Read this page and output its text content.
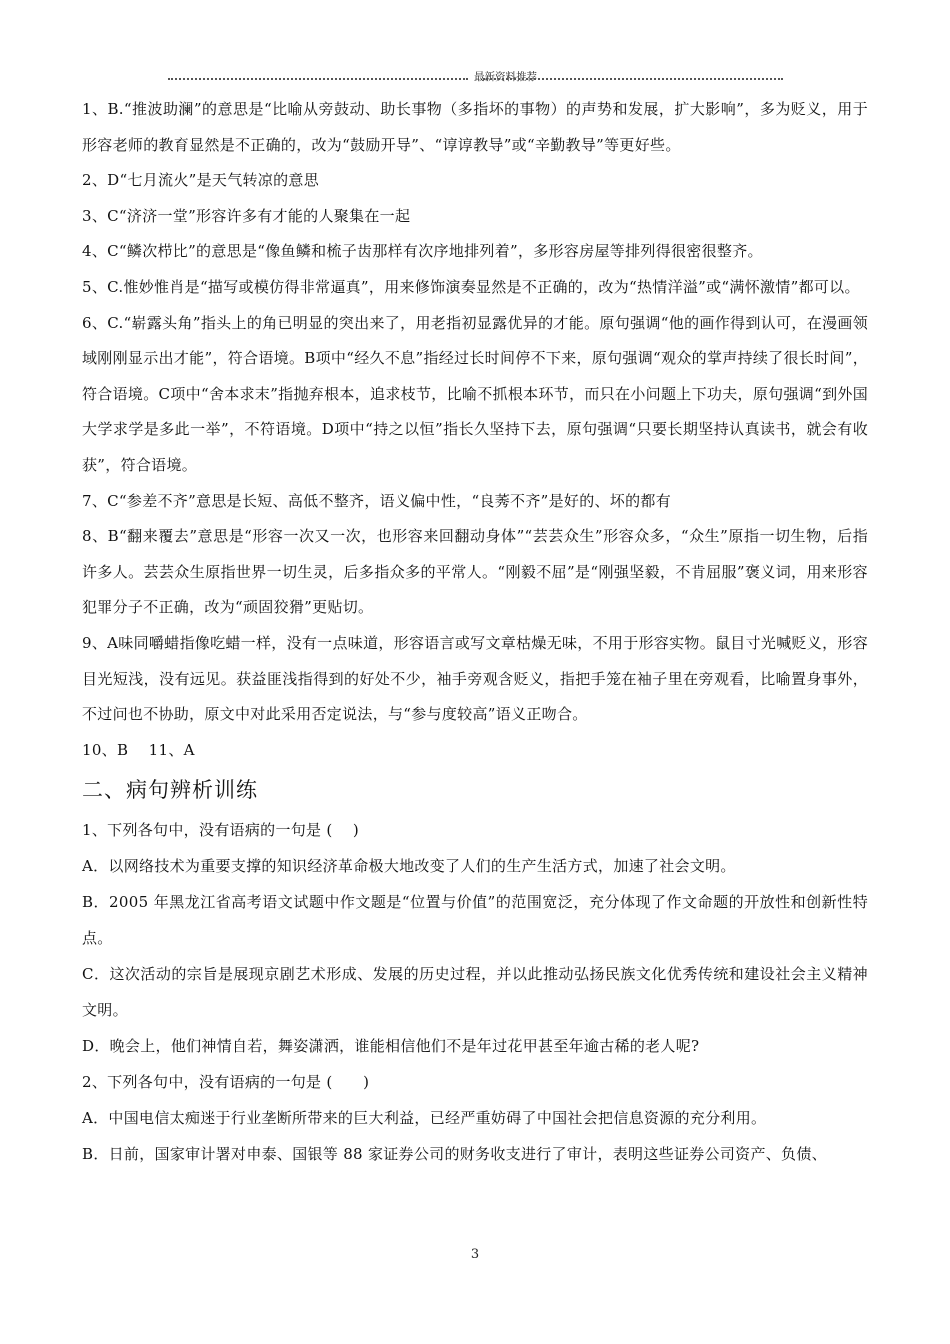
最新资料推荐

1、B.“推波助澜”的意思是“比喻从旁鼓动、助长事物（多指坏的事物）的声势和发展，扩大影响”，多为贬义，用于形容老师的教育显然是不正确的，改为“鼓励开导”、“谆谆教导”或“辛勤教导”等更好些。

2、D“七月流火”是天气转凉的意思

3、C“济济一堂”形容许多有才能的人聚集在一起

4、C“鳞次栉比”的意思是“像鱼鳞和梳子齿那样有次序地排列着”，多形容房屋等排列得很密很整齐。

5、C.惟妙惟肖是“描写或模仿得非常逼真”，用来修饰演奏显然是不正确的，改为“热情洋溢”或“满怀激情”都可以。

6、C.“崭露头角”指头上的角已明显的突出来了，用老指初显露优异的才能。原句强调“他的画作得到认可，在漫画领域刚刚显示出才能”，符合语境。B项中“经久不息”指经过长时间停不下来，原句强调“观众的掌声持续了很长时间”，符合语境。C项中“舍本求末”指抛弃根本，追求枝节，比喻不抓根本环节，而只在小问题上下功夫，原句强调“到外国大学求学是多此一举”，不符语境。D项中“持之以恒”指长久坚持下去，原句强调“只要长期坚持认真读书，就会有收获”，符合语境。

7、C“参差不齐”意思是长短、高低不整齐，语义偏中性，“良莠不齐”是好的、坏的都有

8、B“翻来覆去”意思是“形容一次又一次，也形容来回翻动身体”“芸芸众生”形容众多，“众生”原指一切生物，后指许多人。芸芸众生原指世界一切生灵，后多指众多的平常人。“刚毅不屈”是“刚强坚毅，不肯屈服”褒义词，用来形容犯罪分子不正确，改为“顽固狡猾”更贴切。

9、A味同嚼蜡指像吃蜡一样，没有一点味道，形容语言或写文章枯燥无味，不用于形容实物。鼠目寸光喊贬义，形容目光短浅，没有远见。获益匪浅指得到的好处不少，袖手旁观含贬义，指把手笼在袖子里在旁观看，比喻置身事外，不过问也不协助，原文中对此采用否定说法，与“参与度较高”语义正吻合。

10、B　 11、A

二、病句辨析训练

1、下列各句中，没有语病的一句是 (　 )

A．以网络技术为重要支撑的知识经济革命极大地改变了人们的生产生活方式，加速了社会文明。

B．2005 年黑龙江省高考语文试题中作文题是“位置与价值”的范围宽泛，充分体现了作文命题的开放性和创新性特点。

C．这次活动的宗旨是展现京剧艺术形成、发展的历史过程，并以此推动弘扬民族文化优秀传统和建设社会主义精神文明。

D．晚会上，他们神情自若，舞姿潇洒，谁能相信他们不是年过花甲甚至年逾古稀的老人呢?

2、下列各句中，没有语病的一句是 (　　)

A．中国电信太痴迷于行业垄断所带来的巨大利益，已经严重妨碍了中国社会把信息资源的充分利用。

B．日前，国家审计署对申泰、国银等 88 家证券公司的财务收支进行了审计，表明这些证券公司资产、负债、

3
